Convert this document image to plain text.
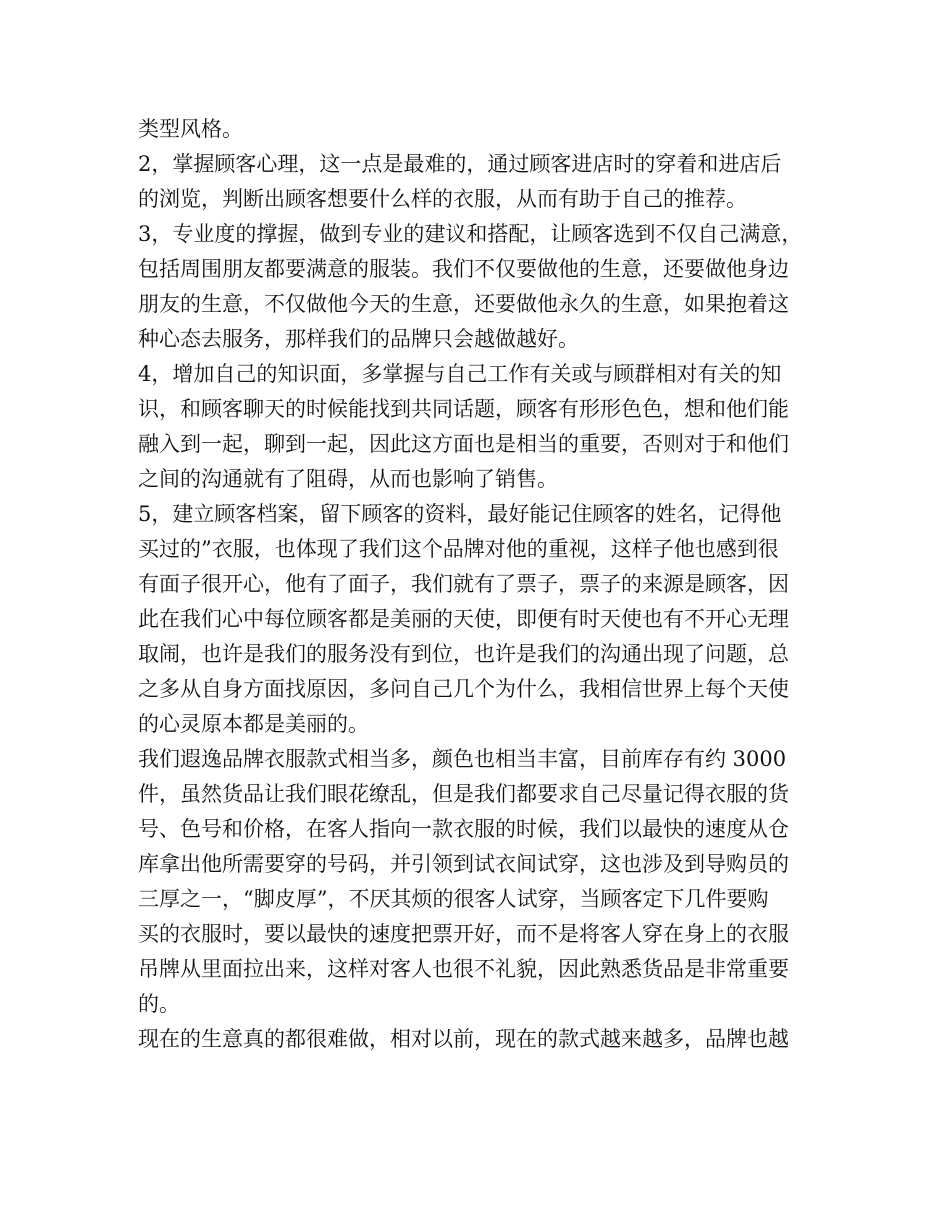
类型风格。
2，掌握顾客心理，这一点是最难的，通过顾客进店时的穿着和进店后
的浏览，判断出顾客想要什么样的衣服，从而有助于自己的推荐。
3，专业度的撑握，做到专业的建议和搭配，让顾客选到不仅自己满意，
包括周围朋友都要满意的服装。我们不仅要做他的生意，还要做他身边
朋友的生意，不仅做他今天的生意，还要做他永久的生意，如果抱着这
种心态去服务，那样我们的品牌只会越做越好。
4，增加自己的知识面，多掌握与自己工作有关或与顾群相对有关的知
识，和顾客聊天的时候能找到共同话题，顾客有形形色色，想和他们能
融入到一起，聊到一起，因此这方面也是相当的重要，否则对于和他们
之间的沟通就有了阻碍，从而也影响了销售。
5，建立顾客档案，留下顾客的资料，最好能记住顾客的姓名，记得他
买过的”衣服，也体现了我们这个品牌对他的重视，这样子他也感到很
有面子很开心，他有了面子，我们就有了票子，票子的来源是顾客，因
此在我们心中每位顾客都是美丽的天使，即便有时天使也有不开心无理
取闹，也许是我们的服务没有到位，也许是我们的沟通出现了问题，总
之多从自身方面找原因，多问自己几个为什么，我相信世界上每个天使
的心灵原本都是美丽的。
我们遐逸品牌衣服款式相当多，颜色也相当丰富，目前库存有约 3000
件，虽然货品让我们眼花缭乱，但是我们都要求自己尽量记得衣服的货
号、色号和价格，在客人指向一款衣服的时候，我们以最快的速度从仓
库拿出他所需要穿的号码，并引领到试衣间试穿，这也涉及到导购员的
三厚之一，“脚皮厚”，不厌其烦的很客人试穿，当顾客定下几件要购
买的衣服时，要以最快的速度把票开好，而不是将客人穿在身上的衣服
吊牌从里面拉出来，这样对客人也很不礼貌，因此熟悉货品是非常重要
的。
现在的生意真的都很难做，相对以前，现在的款式越来越多，品牌也越
